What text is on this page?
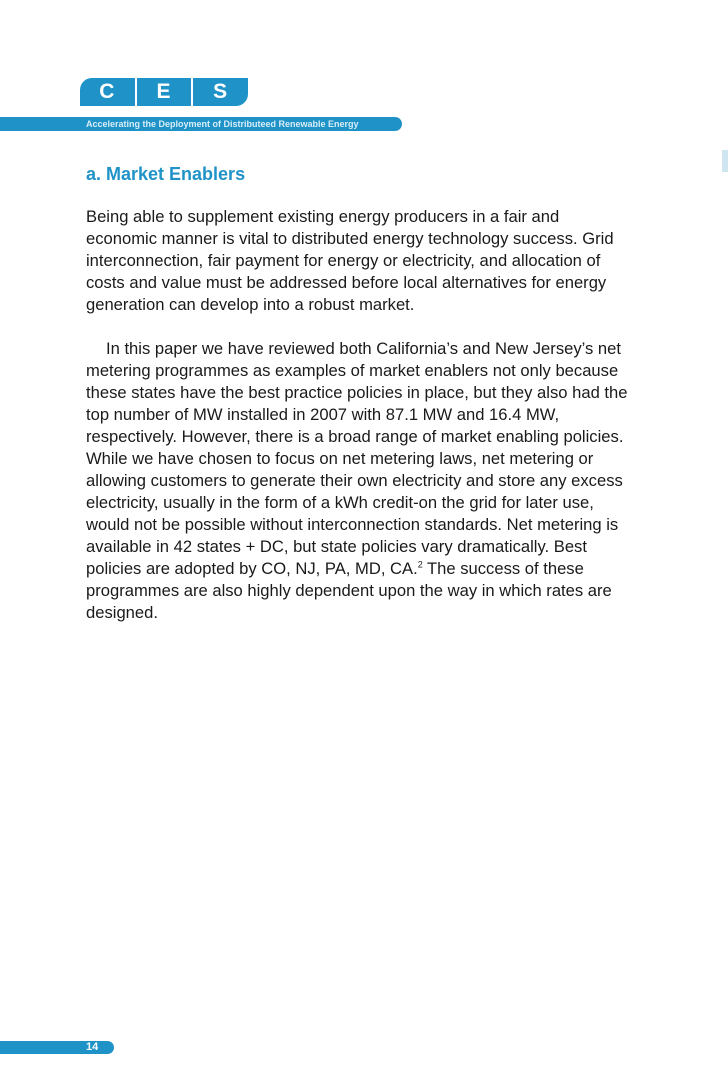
C	E	S
Accelerating the Deployment of Distributeed Renewable Energy
a. Market Enablers

Being able to supplement existing energy producers in a fair and economic manner is vital to distributed energy technology success. Grid interconnection, fair payment for energy or electricity, and allocation of costs and value must be addressed before local alternatives for energy generation can develop into a robust market.

In this paper we have reviewed both California’s and New Jersey’s net metering programmes as examples of market enablers not only because these states have the best practice policies in place, but they also had the top number of MW installed in 2007 with 87.1 MW and 16.4 MW, respectively. However, there is a broad range of market enabling policies. While we have chosen to focus on net metering laws, net metering or allowing customers to generate their own electricity and store any excess electricity, usually in the form of a kWh credit-on the grid for later use, would not be possible without interconnection standards. Net metering is available in 42 states + DC, but state policies vary dramatically. Best policies are adopted by CO, NJ, PA, MD, CA.$^2$ The success of these programmes are also highly dependent upon the way in which rates are designed.

14
